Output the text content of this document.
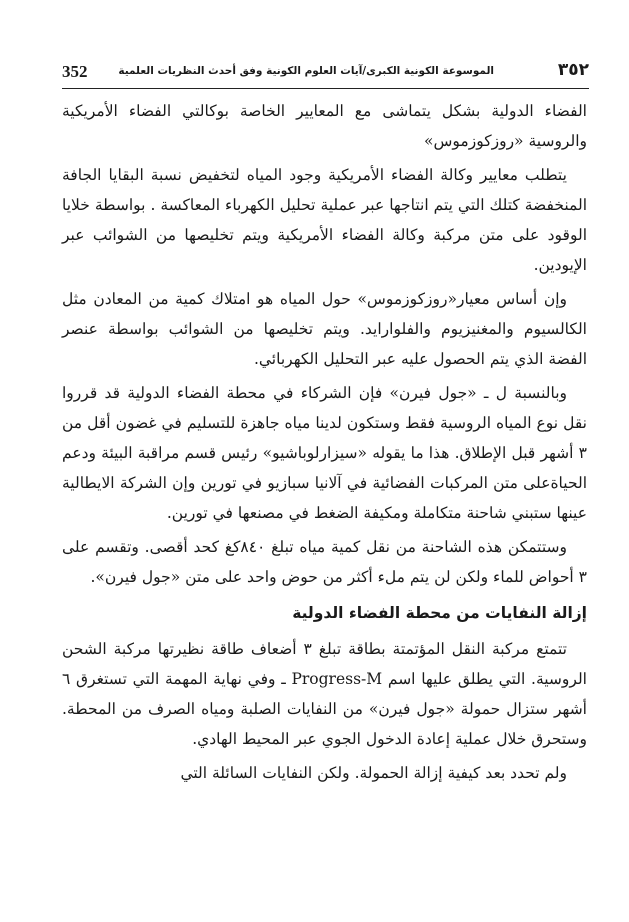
352	الموسوعة الكونية الكبرى/آيات العلوم الكونية وفق أحدث النظريات العلمية	٣٥٢

الفضاء الدولية بشكل يتماشى مع المعايير الخاصة بوكالتي الفضاء الأمريكية والروسية «روزكوزموس»

يتطلب معايير وكالة الفضاء الأمريكية وجود المياه لتخفيض نسبة البقايا الجافة المنخفضة كتلك التي يتم انتاجها عبر عملية تحليل الكهرباء المعاكسة . بواسطة خلايا الوقود على متن مركبة وكالة الفضاء الأمريكية ويتم تخليصها من الشوائب عبر الإيودين.

وإن أساس معيار«روزكوزموس» حول المياه هو امتلاك كمية من المعادن مثل الكالسيوم والمغنيزيوم والفلوارايد. ويتم تخليصها من الشوائب بواسطة عنصر الفضة الذي يتم الحصول عليه عبر التحليل الكهربائي.

وبالنسبة ل ـ «جول فيرن» فإن الشركاء في محطة الفضاء الدولية قد قرروا نقل نوع المياه الروسية فقط وستكون لدينا مياه جاهزة للتسليم في غضون أقل من ٣ أشهر قبل الإطلاق. هذا ما يقوله «سيزارلوباشيو» رئيس قسم مراقبة البيئة ودعم الحياةعلى متن المركبات الفضائية في آلانيا سبازيو في تورين وإن الشركة الايطالية عينها ستبني شاحنة متكاملة ومكيفة الضغط في مصنعها في تورين.

وستتمكن هذه الشاحنة من نقل كمية مياه تبلغ ٨٤٠كغ كحد أقصى. وتقسم على ٣ أحواض للماء ولكن لن يتم ملء أكثر من حوض واحد على متن «جول فيرن».

إزالة النفايات من محطة الفضاء الدولية

تتمتع مركبة النقل المؤتمتة بطاقة تبلغ ٣ أضعاف طاقة نظيرتها مركبة الشحن الروسية. التي يطلق عليها اسم Progress-M ـ وفي نهاية المهمة التي تستغرق ٦ أشهر ستزال حمولة «جول فيرن» من النفايات الصلبة ومياه الصرف من المحطة. وستحرق خلال عملية إعادة الدخول الجوي عبر المحيط الهادي.

ولم تحدد بعد كيفية إزالة الحمولة. ولكن النفايات السائلة التي
